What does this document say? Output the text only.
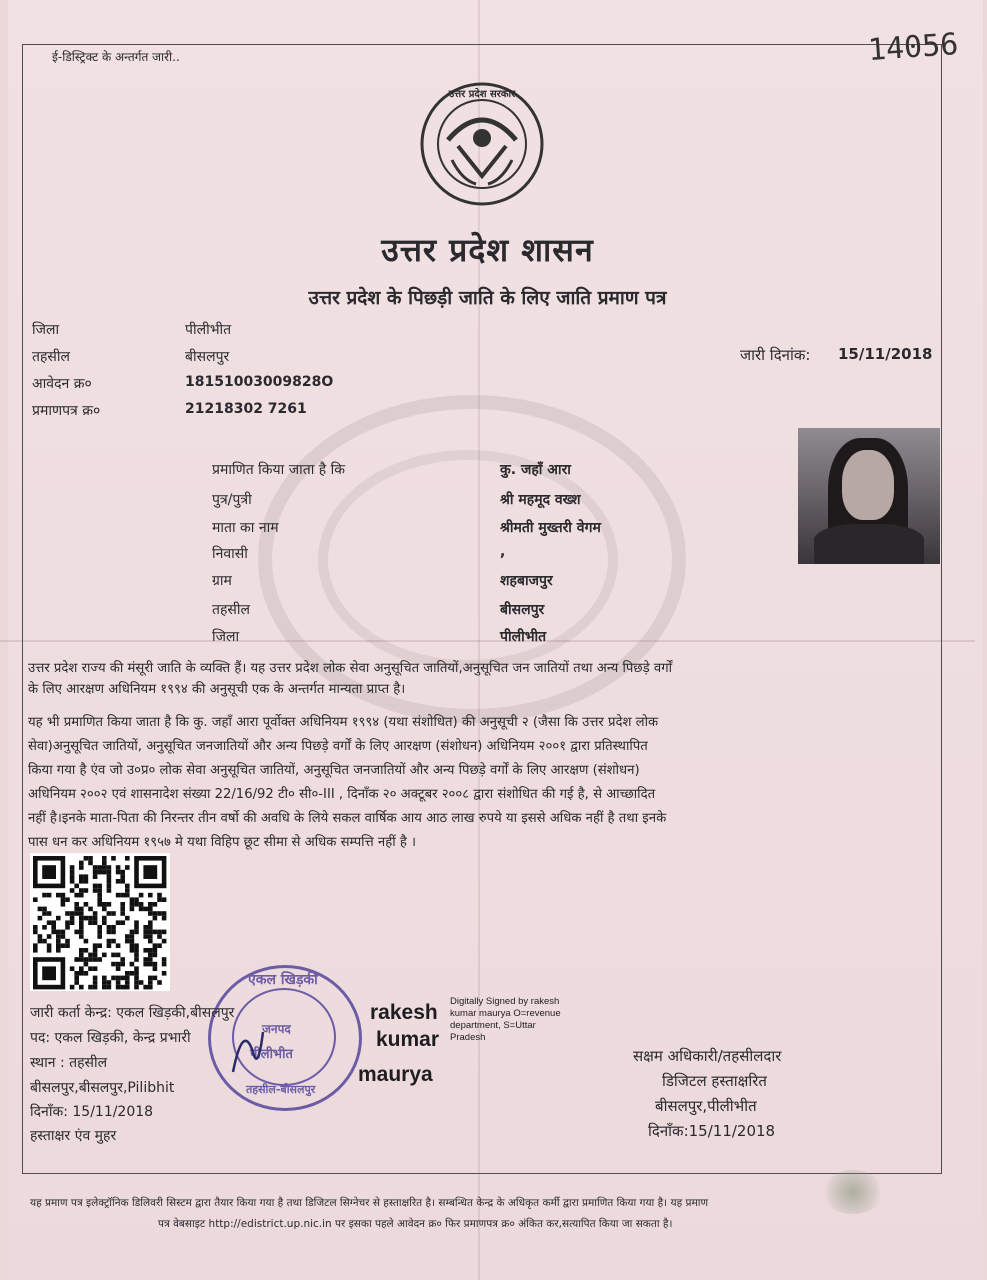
ई-डिस्ट्रिक्ट के अन्तर्गत जारी..	14056
उत्तर प्रदेश सरकार
उत्तर प्रदेश शासन
उत्तर प्रदेश के पिछड़ी जाति के लिए जाति प्रमाण पत्र
जिला	पीलीभीत
तहसील	बीसलपुर
आवेदन क्र०	18151003009828O
प्रमाणपत्र क्र०	21218302 7261
जारी दिनांक: 15/11/2018
प्रमाणित किया जाता है कि	कु. जहाँ आरा
पुत्र/पुत्री	श्री महमूद वख्श
माता का नाम	श्रीमती मुख्तरी वेगम
निवासी	,
ग्राम	शहबाजपुर
तहसील	बीसलपुर
जिला	पीलीभीत
उत्तर प्रदेश राज्य की मंसूरी जाति के व्यक्ति हैं। यह उत्तर प्रदेश लोक सेवा अनुसूचित जातियों,अनुसूचित जन जातियों तथा अन्य पिछड़े वर्गों
के लिए आरक्षण अधिनियम १९९४ की अनुसूची एक के अन्तर्गत मान्यता प्राप्त है।
यह भी प्रमाणित किया जाता है कि कु. जहाँ आरा पूर्वोक्त अधिनियम १९९४ (यथा संशोधित) की अनुसूची २ (जैसा कि उत्तर प्रदेश लोक
सेवा)अनुसूचित जातियों, अनुसूचित जनजातियों और अन्य पिछड़े वर्गों के लिए आरक्षण (संशोधन) अधिनियम २००१ द्वारा प्रतिस्थापित
किया गया है एंव जो उ०प्र० लोक सेवा अनुसूचित जातियों, अनुसूचित जनजातियों और अन्य पिछड़े वर्गों के लिए आरक्षण (संशोधन)
अधिनियम २००२ एवं शासनादेश संख्या 22/16/92 टी० सी०-III , दिनाँक २० अक्टूबर २००८ द्वारा संशोधित की गई है, से आच्छादित
नहीं है।इनके माता-पिता की निरन्तर तीन वर्षो की अवधि के लिये सकल वार्षिक आय आठ लाख रुपये या इससे अधिक नहीं है तथा इनके
पास धन कर अधिनियम १९५७ मे यथा विहिप छूट सीमा से अधिक सम्पत्ति नहीं है ।
एकल खिड़की
जनपद
पीलीभीत
तहसील-बीसलपुर
जारी कर्ता केन्द्र: एकल खिड़की,बीसलपुर
पद: एकल खिड़की, केन्द्र प्रभारी
स्थान : तहसील
बीसलपुर,बीसलपुर,Pilibhit
दिनाँक: 15/11/2018
हस्ताक्षर एंव मुहर
rakesh
kumar
maurya
Digitally Signed by rakesh
kumar maurya O=revenue
department, S=Uttar
Pradesh
सक्षम अधिकारी/तहसीलदार
डिजिटल हस्ताक्षरित
बीसलपुर,पीलीभीत
दिनाँक:15/11/2018
यह प्रमाण पत्र इलेक्ट्रॉनिक डिलिवरी सिस्टम द्वारा तैयार किया गया है तथा डिजिटल सिग्नेचर से हस्ताक्षरित है। सम्बन्धित केन्द्र के अधिकृत कर्मी द्वारा प्रमाणित किया गया है। यह प्रमाण
पत्र वेबसाइट http://edistrict.up.nic.in पर इसका पहले आवेदन क्र० फिर प्रमाणपत्र क्र० अंकित कर,सत्यापित किया जा सकता है।
